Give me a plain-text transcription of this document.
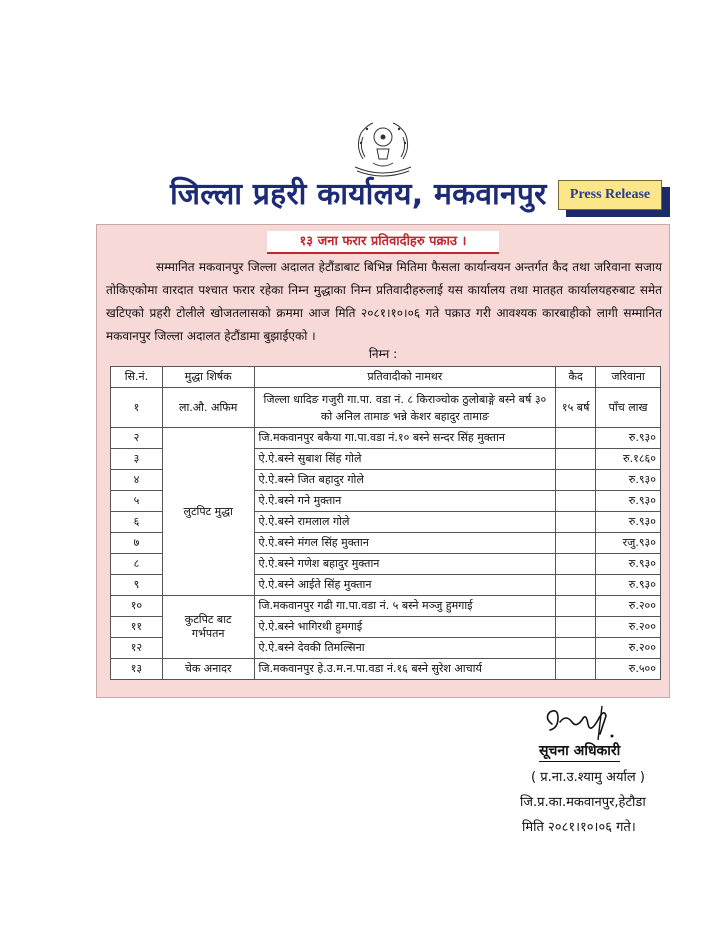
जिल्ला प्रहरी कार्यालय, मकवानपुर	Press Release
१३ जना फरार प्रतिवादीहरु पक्राउ ।
सम्मानित मकवानपुर जिल्ला अदालत हेटौंडाबाट बिभिन्न मितिमा फैसला कार्यान्वयन अन्तर्गत कैद तथा जरिवाना सजाय तोकिएकोमा वारदात पश्चात फरार रहेका निम्न मुद्धाका निम्न प्रतिवादीहरुलाई यस कार्यालय तथा मातहत कार्यालयहरुबाट समेत खटिएको प्रहरी टोलीले खोजतलासको क्रममा आज मिति २०८१।१०।०६ गते पक्राउ गरी आवश्यक कारबाहीको लागी सम्मानित मकवानपुर जिल्ला अदालत हेटौंडामा बुझाईएको ।
निम्न :
सि.नं.	मुद्धा शिर्षक	प्रतिवादीको नामथर	कैद	जरिवाना
१	ला.औ. अफिम	जिल्ला धादिङ गजुरी गा.पा. वडा नं. ८ किराञ्चोक ठुलोबाङ्गे बस्ने बर्ष ३० को अनिल तामाङ भन्ने केशर बहादुर तामाङ	१५ बर्ष	पाँच लाख
२	लुटपिट मुद्धा	जि.मकवानपुर बकैया गा.पा.वडा नं.१० बस्ने सन्दर सिंह मुक्तान		रु.९३०
३		ऐ.ऐ.बस्ने सुबाश सिंह गोले		रु.१८६०
४		ऐ.ऐ.बस्ने जित बहादुर गोले		रु.९३०
५		ऐ.ऐ.बस्ने गने मुक्तान		रु.९३०
६		ऐ.ऐ.बस्ने रामलाल गोले		रु.९३०
७		ऐ.ऐ.बस्ने मंगल सिंह मुक्तान		रजु.९३०
८		ऐ.ऐ.बस्ने गणेश बहादुर मुक्तान		रु.९३०
९		ऐ.ऐ.बस्ने आईते सिंह मुक्तान		रु.९३०
१०	कुटपिट बाट गर्भपतन	जि.मकवानपुर गढी गा.पा.वडा नं. ५ बस्ने मञ्जु हुमगाई		रु.२००
११		ऐ.ऐ.बस्ने भागिरथी हुमगाई		रु.२००
१२		ऐ.ऐ.बस्ने देवकी तिमल्सिना		रु.२००
१३	चेक अनादर	जि.मकवानपुर हे.उ.म.न.पा.वडा नं.१६ बस्ने सुरेश आचार्य		रु.५००
सूचना अधिकारी
( प्र.ना.उ.श्यामु अर्याल )
जि.प्र.का.मकवानपुर,हेटौडा
मिति २०८१।१०।०६ गते।
